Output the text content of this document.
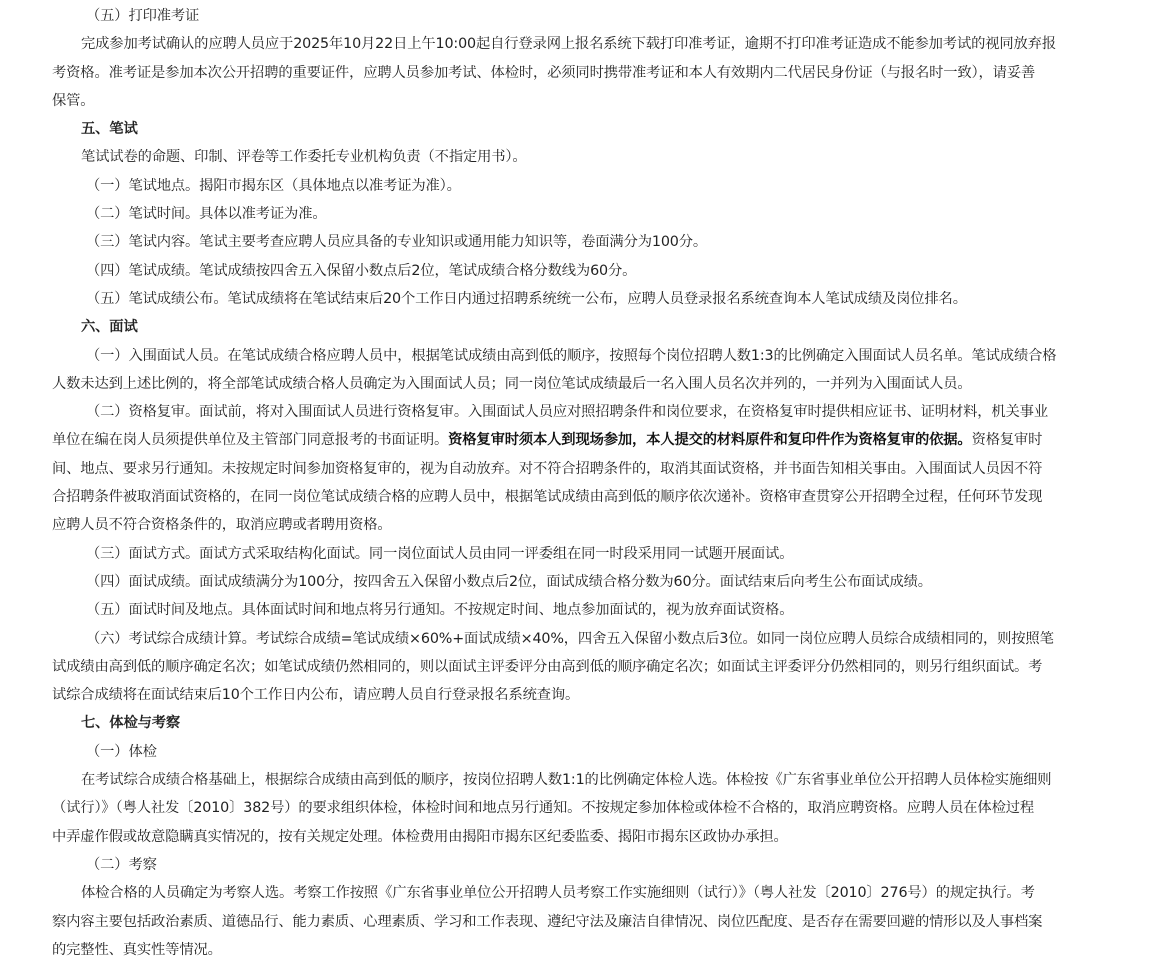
（五）打印准考证

完成参加考试确认的应聘人员应于2025年10月22日上午10:00起自行登录网上报名系统下载打印准考证，逾期不打印准考证造成不能参加考试的视同放弃报

考资格。准考证是参加本次公开招聘的重要证件，应聘人员参加考试、体检时，必须同时携带准考证和本人有效期内二代居民身份证（与报名时一致），请妥善

保管。

五、笔试

笔试试卷的命题、印制、评卷等工作委托专业机构负责（不指定用书）。

（一）笔试地点。揭阳市揭东区（具体地点以准考证为准）。

（二）笔试时间。具体以准考证为准。

（三）笔试内容。笔试主要考查应聘人员应具备的专业知识或通用能力知识等，卷面满分为100分。

（四）笔试成绩。笔试成绩按四舍五入保留小数点后2位，笔试成绩合格分数线为60分。

（五）笔试成绩公布。笔试成绩将在笔试结束后20个工作日内通过招聘系统统一公布，应聘人员登录报名系统查询本人笔试成绩及岗位排名。

六、面试

（一）入围面试人员。在笔试成绩合格应聘人员中，根据笔试成绩由高到低的顺序，按照每个岗位招聘人数1:3的比例确定入围面试人员名单。笔试成绩合格

人数未达到上述比例的，将全部笔试成绩合格人员确定为入围面试人员；同一岗位笔试成绩最后一名入围人员名次并列的，一并列为入围面试人员。

（二）资格复审。面试前，将对入围面试人员进行资格复审。入围面试人员应对照招聘条件和岗位要求，在资格复审时提供相应证书、证明材料，机关事业

单位在编在岗人员须提供单位及主管部门同意报考的书面证明。资格复审时须本人到现场参加，本人提交的材料原件和复印件作为资格复审的依据。资格复审时

间、地点、要求另行通知。未按规定时间参加资格复审的，视为自动放弃。对不符合招聘条件的，取消其面试资格，并书面告知相关事由。入围面试人员因不符

合招聘条件被取消面试资格的，在同一岗位笔试成绩合格的应聘人员中，根据笔试成绩由高到低的顺序依次递补。资格审查贯穿公开招聘全过程，任何环节发现

应聘人员不符合资格条件的，取消应聘或者聘用资格。

（三）面试方式。面试方式采取结构化面试。同一岗位面试人员由同一评委组在同一时段采用同一试题开展面试。

（四）面试成绩。面试成绩满分为100分，按四舍五入保留小数点后2位，面试成绩合格分数为60分。面试结束后向考生公布面试成绩。

（五）面试时间及地点。具体面试时间和地点将另行通知。不按规定时间、地点参加面试的，视为放弃面试资格。

（六）考试综合成绩计算。考试综合成绩=笔试成绩×60%+面试成绩×40%，四舍五入保留小数点后3位。如同一岗位应聘人员综合成绩相同的，则按照笔

试成绩由高到低的顺序确定名次；如笔试成绩仍然相同的，则以面试主评委评分由高到低的顺序确定名次；如面试主评委评分仍然相同的，则另行组织面试。考

试综合成绩将在面试结束后10个工作日内公布，请应聘人员自行登录报名系统查询。

七、体检与考察

（一）体检

在考试综合成绩合格基础上，根据综合成绩由高到低的顺序，按岗位招聘人数1:1的比例确定体检人选。体检按《广东省事业单位公开招聘人员体检实施细则

（试行）》（粤人社发〔2010〕382号）的要求组织体检，体检时间和地点另行通知。不按规定参加体检或体检不合格的，取消应聘资格。应聘人员在体检过程

中弄虚作假或故意隐瞒真实情况的，按有关规定处理。体检费用由揭阳市揭东区纪委监委、揭阳市揭东区政协办承担。

（二）考察

体检合格的人员确定为考察人选。考察工作按照《广东省事业单位公开招聘人员考察工作实施细则（试行）》（粤人社发〔2010〕276号）的规定执行。考

察内容主要包括政治素质、道德品行、能力素质、心理素质、学习和工作表现、遵纪守法及廉洁自律情况、岗位匹配度、是否存在需要回避的情形以及人事档案

的完整性、真实性等情况。
